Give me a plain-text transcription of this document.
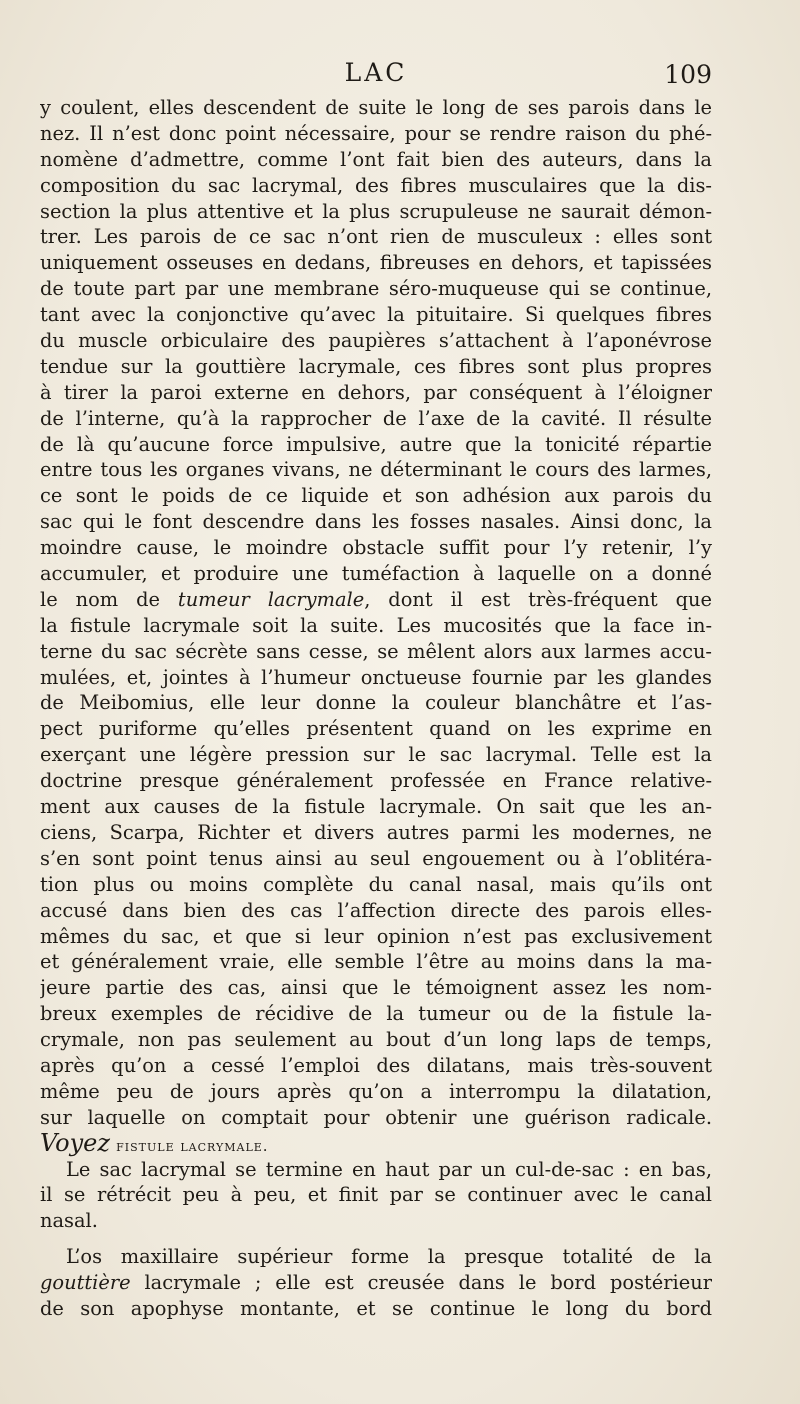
LAC	109
y coulent, elles descendent de suite le long de ses parois dans le
nez. Il n’est donc point nécessaire, pour se rendre raison du phé-
nomène d’admettre, comme l’ont fait bien des auteurs, dans la
composition du sac lacrymal, des fibres musculaires que la dis-
section la plus attentive et la plus scrupuleuse ne saurait démon-
trer. Les parois de ce sac n’ont rien de musculeux : elles sont
uniquement osseuses en dedans, fibreuses en dehors, et tapissées
de toute part par une membrane séro-muqueuse qui se continue,
tant avec la conjonctive qu’avec la pituitaire. Si quelques fibres
du muscle orbiculaire des paupières s’attachent à l’aponévrose
tendue sur la gouttière lacrymale, ces fibres sont plus propres
à tirer la paroi externe en dehors, par conséquent à l’éloigner
de l’interne, qu’à la rapprocher de l’axe de la cavité. Il résulte
de là qu’aucune force impulsive, autre que la tonicité répartie
entre tous les organes vivans, ne déterminant le cours des larmes,
ce sont le poids de ce liquide et son adhésion aux parois du
sac qui le font descendre dans les fosses nasales. Ainsi donc, la
moindre cause, le moindre obstacle suffit pour l’y retenir, l’y
accumuler, et produire une tuméfaction à laquelle on a donné
le nom de tumeur lacrymale, dont il est très-fréquent que
la fistule lacrymale soit la suite. Les mucosités que la face in-
terne du sac sécrète sans cesse, se mêlent alors aux larmes accu-
mulées, et, jointes à l’humeur onctueuse fournie par les glandes
de Meibomius, elle leur donne la couleur blanchâtre et l’as-
pect puriforme qu’elles présentent quand on les exprime en
exerçant une légère pression sur le sac lacrymal. Telle est la
doctrine presque généralement professée en France relative-
ment aux causes de la fistule lacrymale. On sait que les an-
ciens, Scarpa, Richter et divers autres parmi les modernes, ne
s’en sont point tenus ainsi au seul engouement ou à l’oblitéra-
tion plus ou moins complète du canal nasal, mais qu’ils ont
accusé dans bien des cas l’affection directe des parois elles-
mêmes du sac, et que si leur opinion n’est pas exclusivement
et généralement vraie, elle semble l’être au moins dans la ma-
jeure partie des cas, ainsi que le témoignent assez les nom-
breux exemples de récidive de la tumeur ou de la fistule la-
crymale, non pas seulement au bout d’un long laps de temps,
après qu’on a cessé l’emploi des dilatans, mais très-souvent
même peu de jours après qu’on a interrompu la dilatation,
sur laquelle on comptait pour obtenir une guérison radicale.
Voyez fistule lacrymale.
Le sac lacrymal se termine en haut par un cul-de-sac : en bas,
il se rétrécit peu à peu, et finit par se continuer avec le canal
nasal.
L’os maxillaire supérieur forme la presque totalité de la
gouttière lacrymale ; elle est creusée dans le bord postérieur
de son apophyse montante, et se continue le long du bord
